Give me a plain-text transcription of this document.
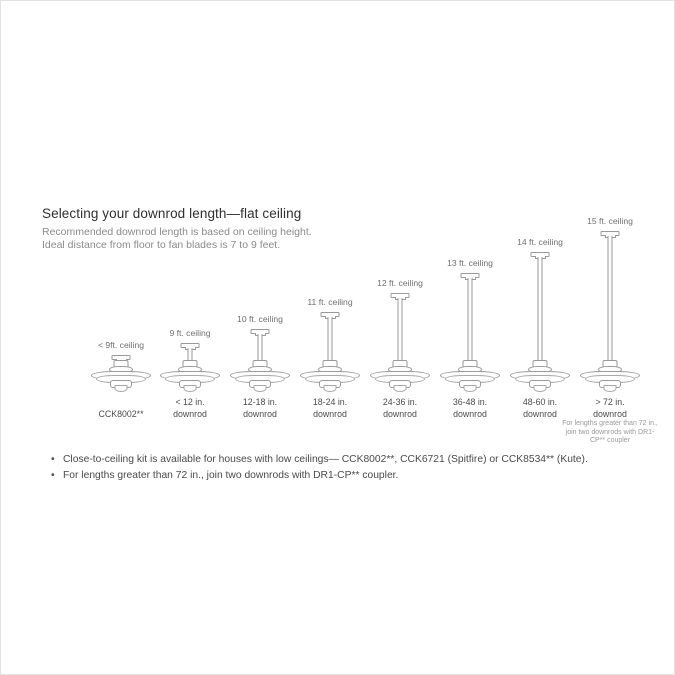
Selecting your downrod length—flat ceiling
Recommended downrod length is based on ceiling height.
Ideal distance from floor to fan blades is 7 to 9 feet.
< 9ft. ceiling
CCK8002**
9 ft. ceiling
< 12 in.
downrod
10 ft. ceiling
12-18 in.
downrod
11 ft. ceiling
18-24 in.
downrod
12 ft. ceiling
24-36 in.
downrod
13 ft. ceiling
36-48 in.
downrod
14 ft. ceiling
48-60 in.
downrod
15 ft. ceiling
> 72 in.
downrod
For lengths greater than 72 in., join two downrods with DR1-CP** coupler
• Close-to-ceiling kit is available for houses with low ceilings— CCK8002**, CCK6721 (Spitfire) or CCK8534** (Kute).
• For lengths greater than 72 in., join two downrods with DR1-CP** coupler.
